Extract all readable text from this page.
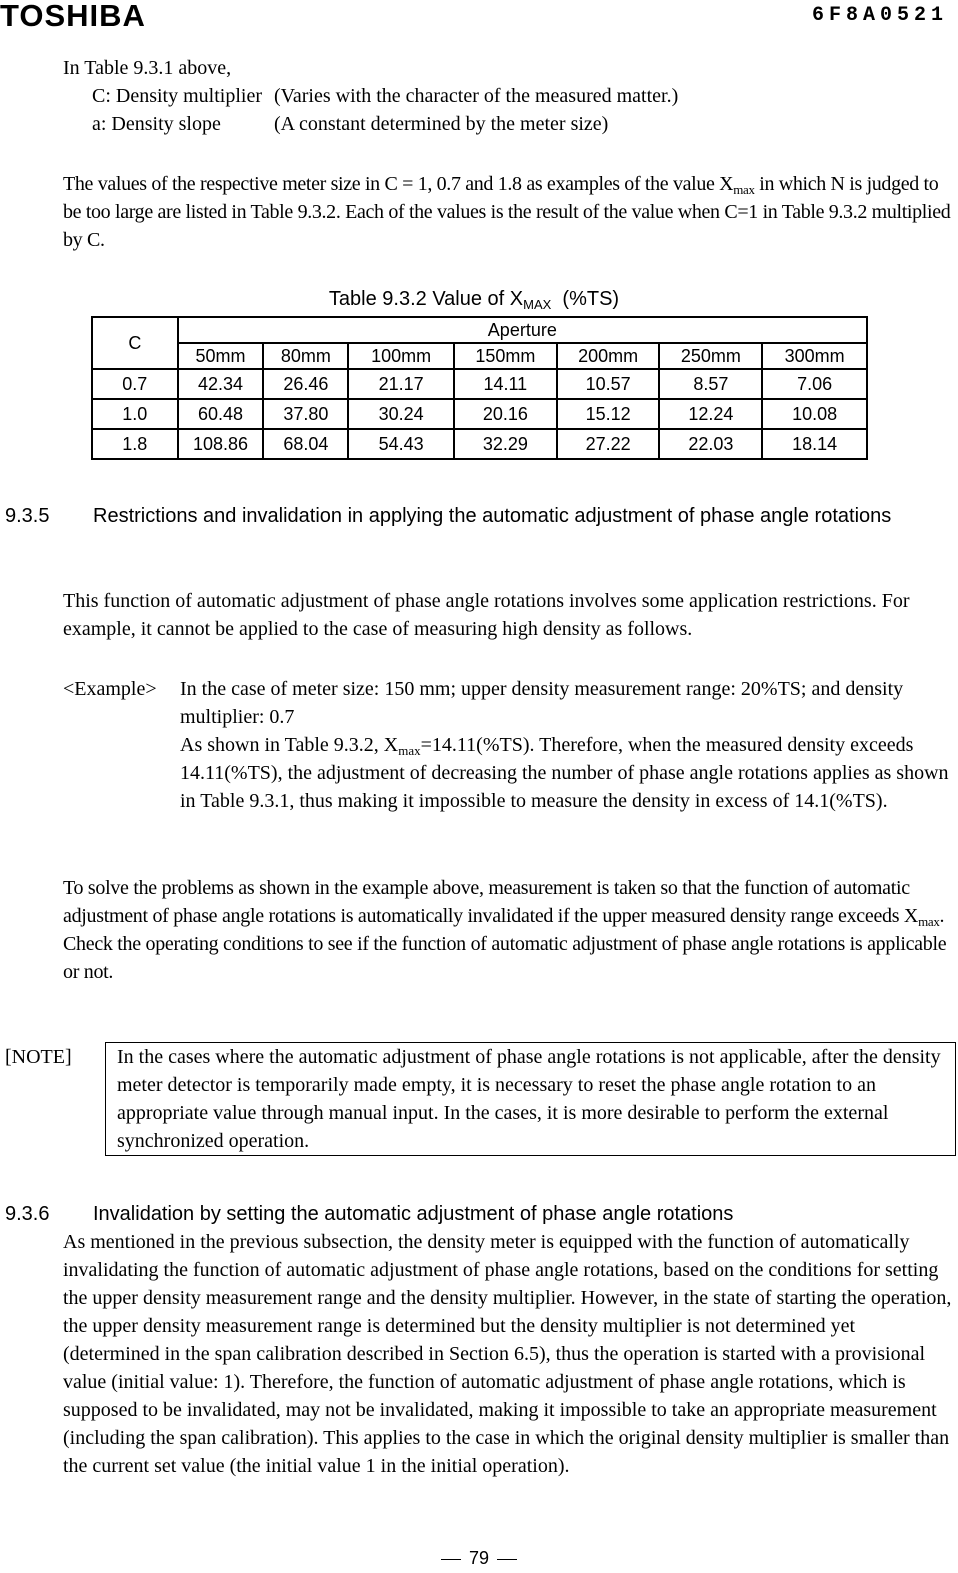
TOSHIBA	6F8A0521

In Table 9.3.1 above,

C: Density multiplier (Varies with the character of the measured matter.)
a: Density slope	(A constant determined by the meter size)
The values of the respective meter size in C = 1, 0.7 and 1.8 as examples of the value $X_{max}$ in which N is judged to be too large are listed in Table 9.3.2. Each of the values is the result of the value when C=1 in Table 9.3.2 multiplied by C.
Table 9.3.2 Value of $X_{MAX}$  (%TS)
C	Aperture						
	50mm	80mm	100mm	150mm	200mm	250mm	300mm
0.7	42.34	26.46	21.17	14.11	10.57	8.57	7.06
1.0	60.48	37.80	30.24	20.16	15.12	12.24	10.08
1.8	108.86	68.04	54.43	32.29	27.22	22.03	18.14
9.3.5 Restrictions and invalidation in applying the automatic adjustment of phase angle rotations
This function of automatic adjustment of phase angle rotations involves some application restrictions. For example, it cannot be applied to the case of measuring high density as follows.
<Example> In the case of meter size: 150 mm; upper density measurement range: 20%TS; and density multiplier: 0.7
As shown in Table 9.3.2, $X_{max}=14.11(\%TS)$. Therefore, when the measured density exceeds 14.11(%TS), the adjustment of decreasing the number of phase angle rotations applies as shown in Table 9.3.1, thus making it impossible to measure the density in excess of 14.1(%TS).
To solve the problems as shown in the example above, measurement is taken so that the function of automatic adjustment of phase angle rotations is automatically invalidated if the upper measured density range exceeds $X_{max}$.
Check the operating conditions to see if the function of automatic adjustment of phase angle rotations is applicable or not.
[NOTE]	In the cases where the automatic adjustment of phase angle rotations is not applicable, after the density meter detector is temporarily made empty, it is necessary to reset the phase angle rotation to an appropriate value through manual input. In the cases, it is more desirable to perform the external synchronized operation.
9.3.6 Invalidation by setting the automatic adjustment of phase angle rotations
As mentioned in the previous subsection, the density meter is equipped with the function of automatically invalidating the function of automatic adjustment of phase angle rotations, based on the conditions for setting the upper density measurement range and the density multiplier. However, in the state of starting the operation, the upper density measurement range is determined but the density multiplier is not determined yet (determined in the span calibration described in Section 6.5), thus the operation is started with a provisional value (initial value: 1). Therefore, the function of automatic adjustment of phase angle rotations, which is supposed to be invalidated, may not be invalidated, making it impossible to take an appropriate measurement (including the span calibration). This applies to the case in which the original density multiplier is smaller than the current set value (the initial value 1 in the initial operation).
79
